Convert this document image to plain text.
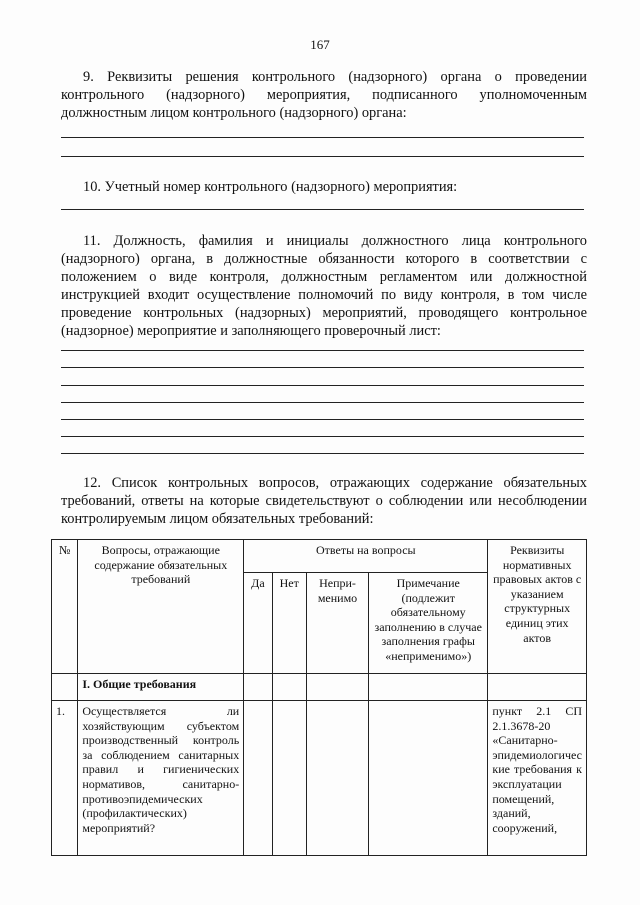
167

9. Реквизиты решения контрольного (надзорного) органа о проведении контрольного (надзорного) мероприятия, подписанного уполномоченным должностным лицом контрольного (надзорного) органа:

10. Учетный номер контрольного (надзорного) мероприятия:

11. Должность, фамилия и инициалы должностного лица контрольного (надзорного) органа, в должностные обязанности которого в соответствии с положением о виде контроля, должностным регламентом или должностной инструкцией входит осуществление полномочий по виду контроля, в том числе проведение контрольных (надзорных) мероприятий, проводящего контрольное (надзорное) мероприятие и заполняющего проверочный лист:

12. Список контрольных вопросов, отражающих содержание обязательных требований, ответы на которые свидетельствуют о соблюдении или несоблюдении контролируемым лицом обязательных требований:

№	Вопросы, отражающие содержание обязательных требований	Ответы на вопросы				Реквизиты нормативных правовых актов с указанием структурных единиц этих актов
		Да	Нет	Непри-менимо	Примечание (подлежит обязательному заполнению в случае заполнения графы «неприменимо»)	
	I. Общие требования					
1.	Осуществляется ли хозяйствующим субъектом производственный контроль за соблюдением санитарных правил и гигиенических нормативов, санитарно-противоэпидемических (профилактических) мероприятий?					пункт 2.1 СП 2.1.3678-20 «Санитарно-эпидемиологичес кие требования к эксплуатации помещений, зданий, сооружений,
